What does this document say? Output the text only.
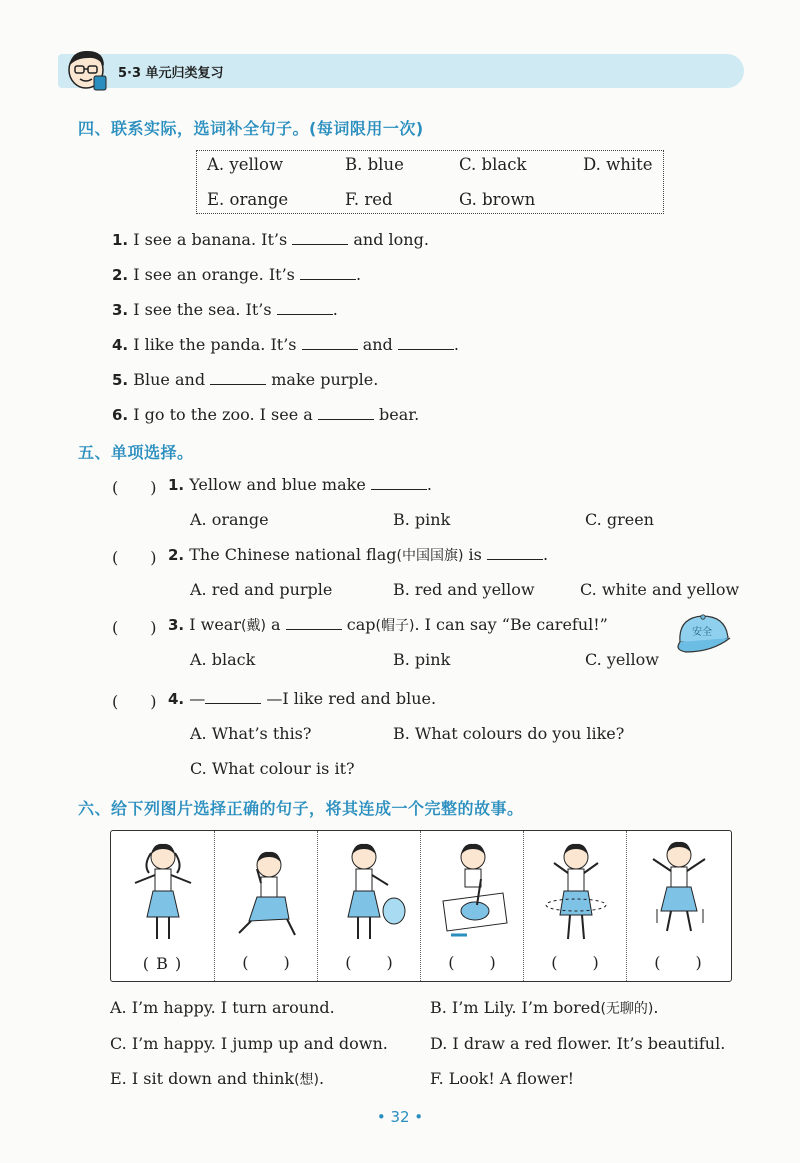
5·3 单元归类复习
四、联系实际，选词补全句子。(每词限用一次)
A. yellow	B. blue	C. black	D. white
E. orange	F. red	G. brown
1. I see a banana. It’s	and long.
2. I see an orange. It’s	.
3. I see the sea. It’s	.
4. I like the panda. It’s	and	.
5. Blue and	make purple.
6. I go to the zoo. I see a	bear.
五、单项选择。
(　　) 1. Yellow and blue make	.
A. orange	B. pink	C. green
(　　) 2. The Chinese national flag(中国国旗) is	.
A. red and purple	B. red and yellow	C. white and yellow
(　　) 3. I wear(戴) a	cap(帽子). I can say “Be careful!”	安全
A. black	B. pink	C. yellow
(　　) 4. —	—I like red and blue.
A. What’s this?	B. What colours do you like?
C. What colour is it?
六、给下列图片选择正确的句子，将其连成一个完整的故事。
( B )	(　　)	(　　)	(　　)	(　　)	(　　)
A. I’m happy. I turn around.	B. I’m Lily. I’m bored(无聊的).
C. I’m happy. I jump up and down.	D. I draw a red flower. It’s beautiful.
E. I sit down and think(想).	F. Look! A flower!
• 32 •
